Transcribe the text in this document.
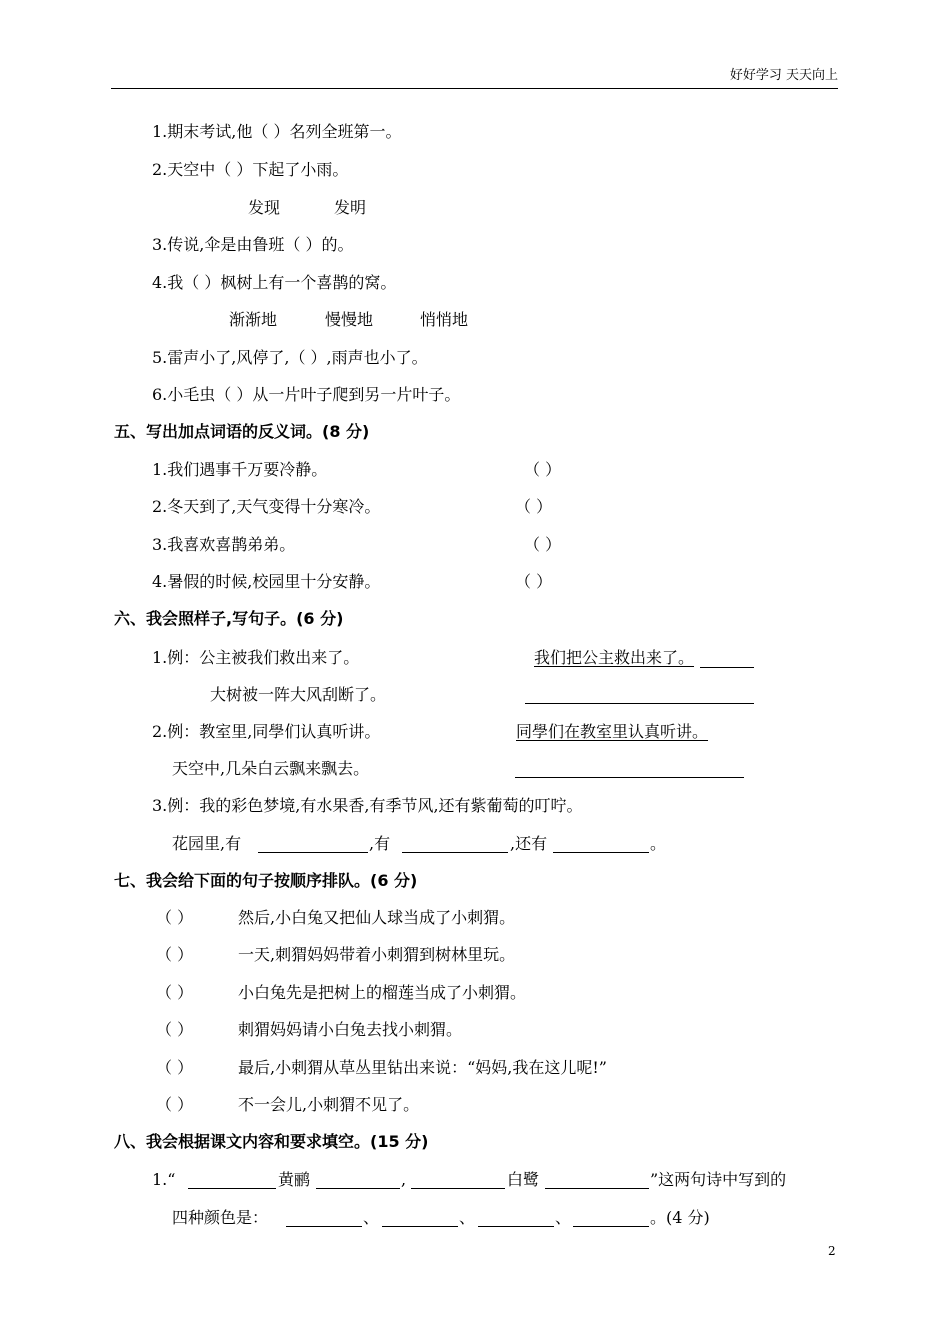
好好学习 天天向上
1.期末考试,他（ ）名列全班第一。
2.天空中（ ）下起了小雨。
发现	发明
3.传说,伞是由鲁班（ ）的。
4.我（ ）枫树上有一个喜鹊的窝。
渐渐地	慢慢地	悄悄地
5.雷声小了,风停了,（ ）,雨声也小了。
6.小毛虫（ ）从一片叶子爬到另一片叶子。
五、写出加点词语的反义词。(8 分)
1.我们遇事千万要冷静。	（ ）
2.冬天到了,天气变得十分寒冷。	（ ）
3.我喜欢喜鹊弟弟。	（ ）
4.暑假的时候,校园里十分安静。	（ ）
六、我会照样子,写句子。(6 分)
1.例：公主被我们救出来了。	我们把公主救出来了。
大树被一阵大风刮断了。
2.例：教室里,同學们认真听讲。	同學们在教室里认真听讲。
天空中,几朵白云飘来飘去。
3.例：我的彩色梦境,有水果香,有季节风,还有紫葡萄的叮咛。
花园里,有	,有	,还有	。
七、我会给下面的句子按顺序排队。(6 分)
（ ）	然后,小白兔又把仙人球当成了小刺猬。
（ ）	一天,刺猬妈妈带着小刺猬到树林里玩。
（ ）	小白兔先是把树上的榴莲当成了小刺猬。
（ ）	刺猬妈妈请小白兔去找小刺猬。
（ ）	最后,小刺猬从草丛里钻出来说：“妈妈,我在这儿呢!”
（ ）	不一会儿,小刺猬不见了。
八、我会根据课文内容和要求填空。(15 分)
1.“	黄鹂	,	白鹭	”这两句诗中写到的
四种颜色是：	、	、	、	。(4 分)
2
